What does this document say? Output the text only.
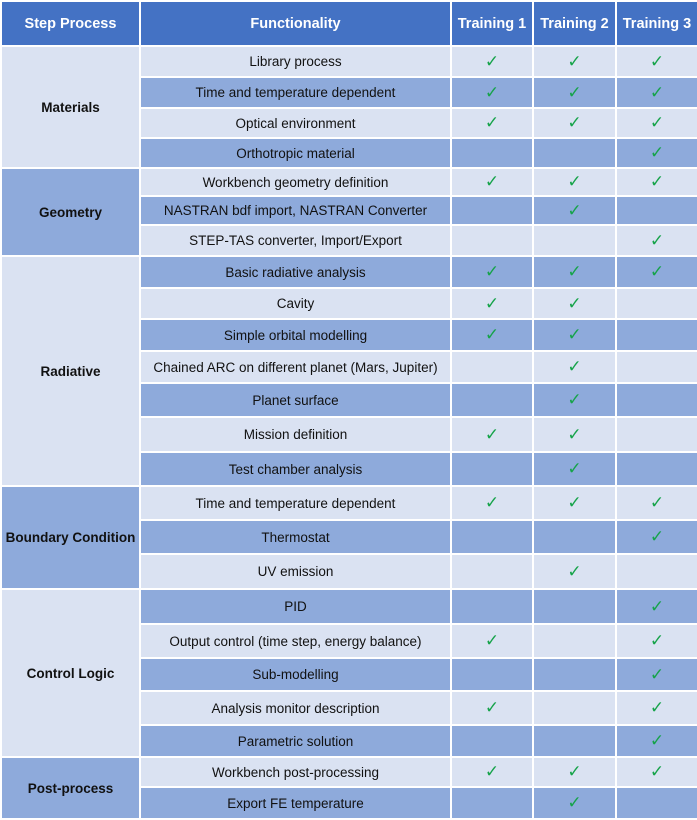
Step Process	Functionality	Training 1	Training 2	Training 3
Materials	Library process	✓	✓	✓
	Time and temperature dependent	✓	✓	✓
	Optical environment	✓	✓	✓
	Orthotropic material			✓
Geometry	Workbench geometry definition	✓	✓	✓
	NASTRAN bdf import, NASTRAN Converter		✓	
	STEP-TAS converter, Import/Export			✓
Radiative	Basic radiative analysis	✓	✓	✓
	Cavity	✓	✓	
	Simple orbital modelling	✓	✓	
	Chained ARC on different planet (Mars, Jupiter)		✓	
	Planet surface		✓	
	Mission definition	✓	✓	
	Test chamber analysis		✓	
Boundary Condition	Time and temperature dependent	✓	✓	✓
	Thermostat			✓
	UV emission		✓	
Control Logic	PID			✓
	Output control (time step, energy balance)	✓		✓
	Sub-modelling			✓
	Analysis monitor description	✓		✓
	Parametric solution			✓
Post-process	Workbench post-processing	✓	✓	✓
	Export FE temperature		✓	
